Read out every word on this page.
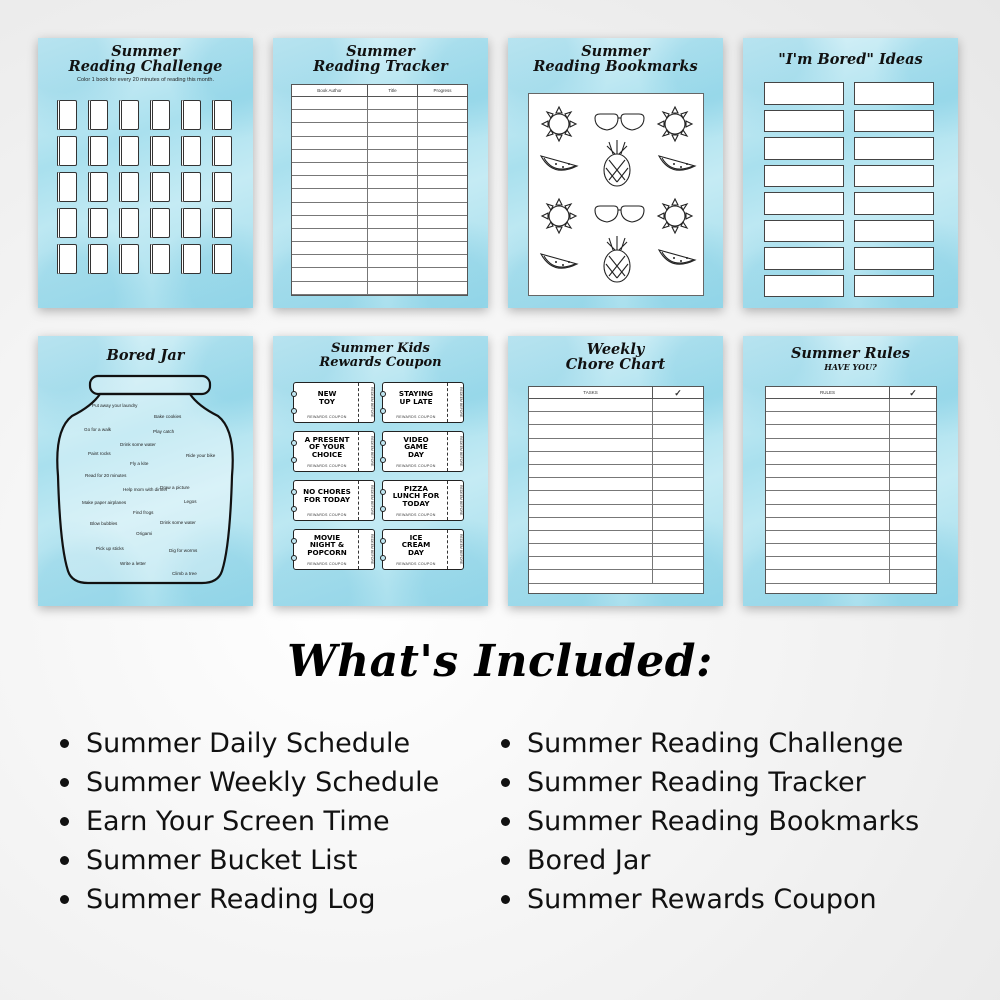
Summer
Reading Challenge
Color 1 book for every 20 minutes of reading this month.
Summer
Reading Tracker
Book Author	Title	Progress
Summer
Reading Bookmarks	"I'm Bored" Ideas
Bored Jar
Put away your laundry
Bake cookies
Go for a walk	Play catch
Drink some water
Paint rocks	Ride your bike
Fly a kite
Read for 20 minutes
Help mom with dinner
Draw a picture
Make paper airplanes	Legos
Find frogs
Blow bubbles	Drink some water
Origami
Pick up sticks	Dig for worms
Write a letter
Climb a tree
Summer Kids
Rewards Coupon
NEW
TOY
REWARDS COUPON	REDEEM BEFORE	STAYING
UP LATE
REWARDS COUPON	REDEEM BEFORE
A PRESENT
OF YOUR
CHOICE
REWARDS COUPON	REDEEM BEFORE	VIDEO
GAME
DAY
REWARDS COUPON	REDEEM BEFORE
NO CHORES
FOR TODAY
REWARDS COUPON	REDEEM BEFORE	PIZZA
LUNCH FOR
TODAY
REWARDS COUPON	REDEEM BEFORE
MOVIE
NIGHT &
POPCORN
REWARDS COUPON	REDEEM BEFORE	ICE
CREAM
DAY
REWARDS COUPON	REDEEM BEFORE
Weekly
Chore Chart
TASKS	✓
Summer Rules
HAVE YOU?
RULES	✓
What's Included:
Summer Daily Schedule
Summer Weekly Schedule
Earn Your Screen Time
Summer Bucket List
Summer Reading Log
Summer Reading Challenge
Summer Reading Tracker
Summer Reading Bookmarks
Bored Jar
Summer Rewards Coupon
